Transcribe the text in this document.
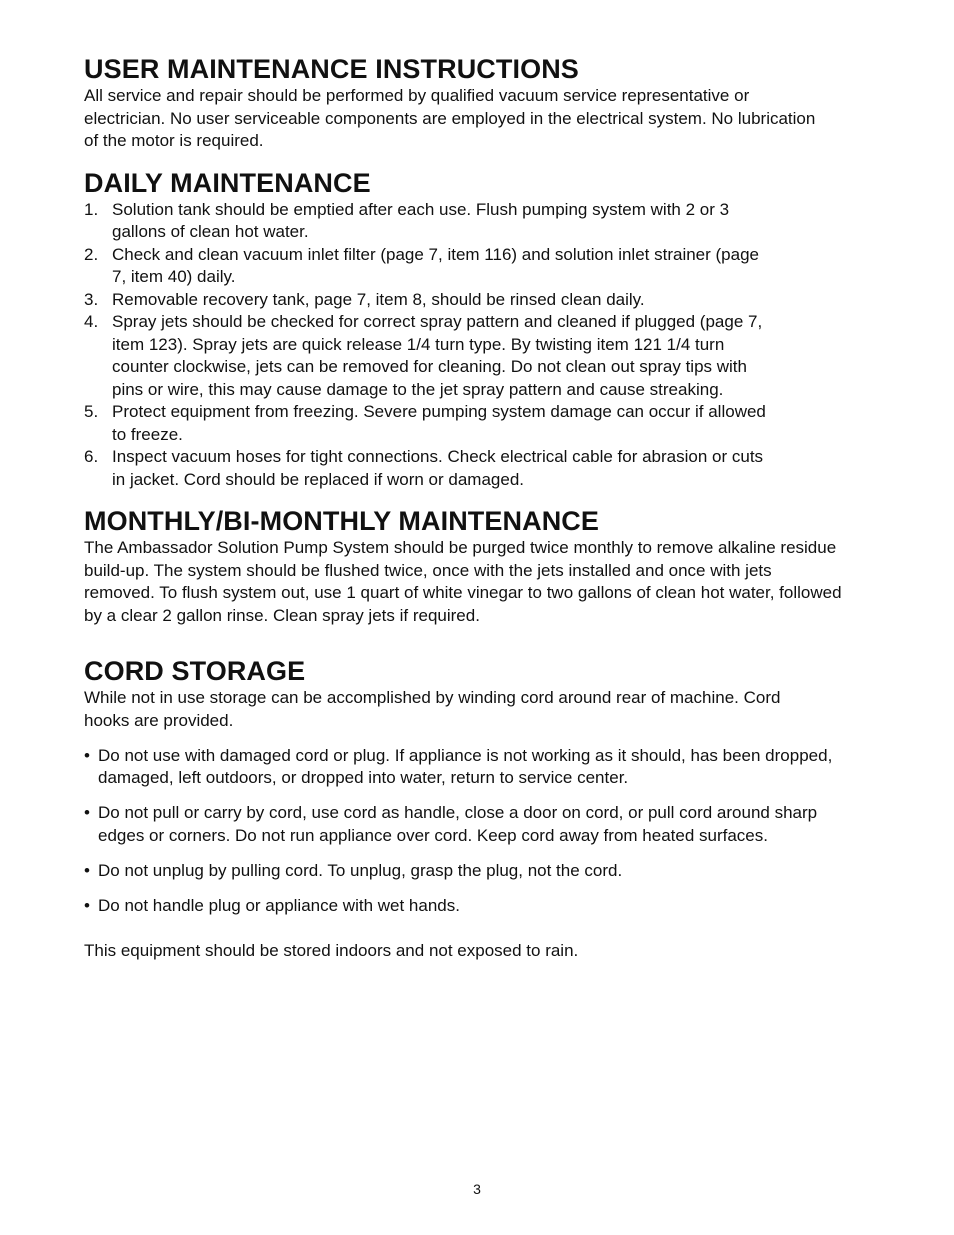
USER MAINTENANCE INSTRUCTIONS

All service and repair should be performed by qualified vacuum service representative or electrician. No user serviceable components are employed in the electrical system. No lubrication of the motor is required.

DAILY MAINTENANCE
1. Solution tank should be emptied after each use. Flush pumping system with 2 or 3 gallons of clean hot water.
2. Check and clean vacuum inlet filter (page 7, item 116) and solution inlet strainer (page 7, item 40) daily.
3. Removable recovery tank, page 7, item 8, should be rinsed clean daily.
4. Spray jets should be checked for correct spray pattern and cleaned if plugged (page 7, item 123). Spray jets are quick release 1/4 turn type. By twisting item 121 1/4 turn counter clockwise, jets can be removed for cleaning. Do not clean out spray tips with pins or wire, this may cause damage to the jet spray pattern and cause streaking.
5. Protect equipment from freezing. Severe pumping system damage can occur if allowed to freeze.
6. Inspect vacuum hoses for tight connections. Check electrical cable for abrasion or cuts in jacket. Cord should be replaced if worn or damaged.
MONTHLY/BI-MONTHLY MAINTENANCE

The Ambassador Solution Pump System should be purged twice monthly to remove alkaline residue build-up. The system should be flushed twice, once with the jets installed and once with jets removed. To flush system out, use 1 quart of white vinegar to two gallons of clean hot water, followed by a clear 2 gallon rinse. Clean spray jets if required.

CORD STORAGE

While not in use storage can be accomplished by winding cord around rear of machine. Cord hooks are provided.

• Do not use with damaged cord or plug. If appliance is not working as it should, has been dropped, damaged, left outdoors, or dropped into water, return to service center.
• Do not pull or carry by cord, use cord as handle, close a door on cord, or pull cord around sharp edges or corners. Do not run appliance over cord. Keep cord away from heated surfaces.
• Do not unplug by pulling cord. To unplug, grasp the plug, not the cord.
• Do not handle plug or appliance with wet hands.

This equipment should be stored indoors and not exposed to rain.

3
